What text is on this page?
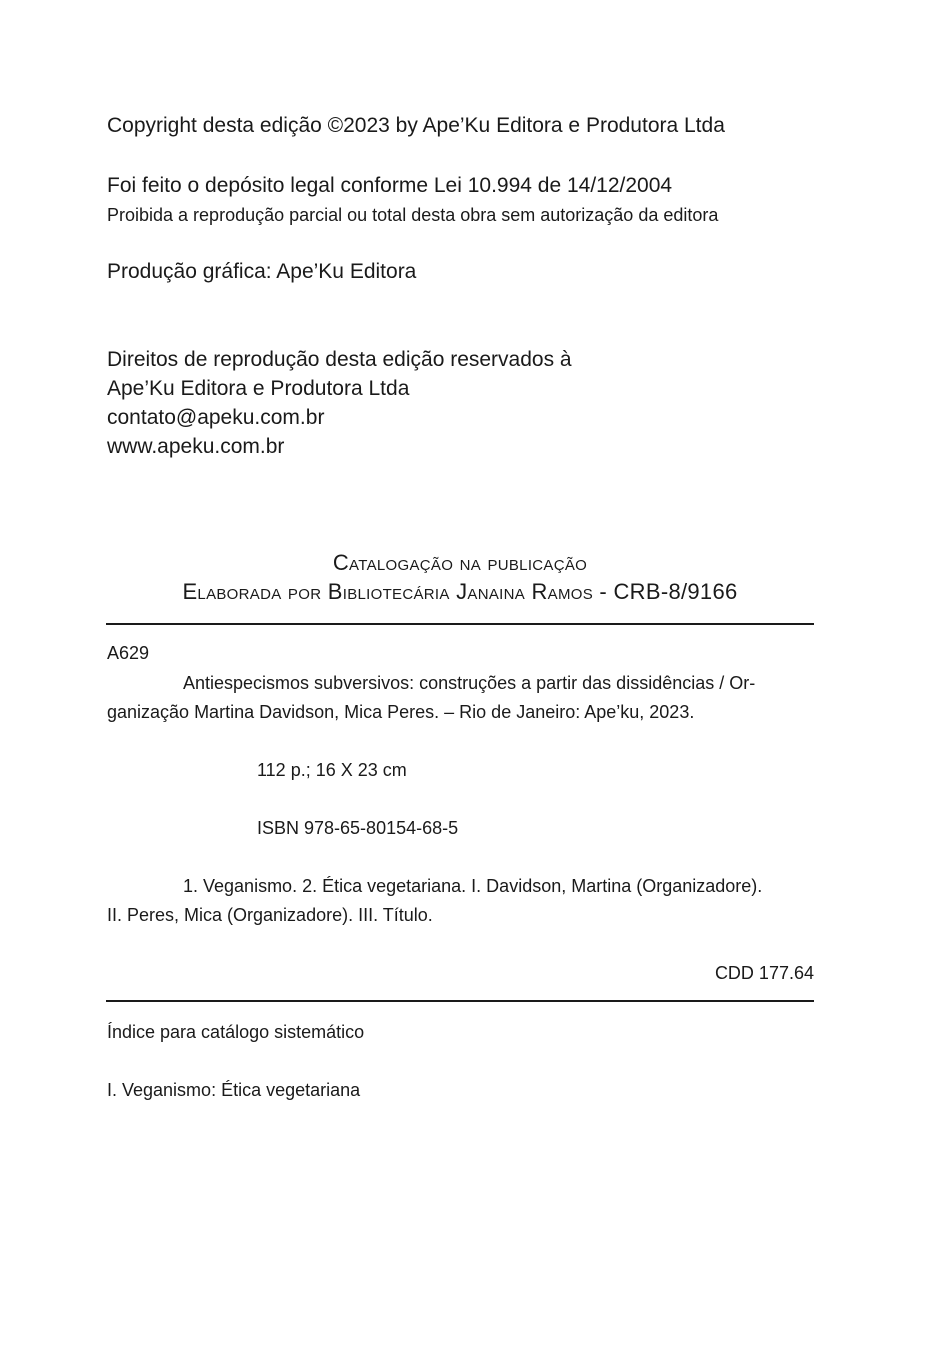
Copyright desta edição ©2023 by Ape’Ku Editora e Produtora Ltda
Foi feito o depósito legal conforme Lei 10.994 de 14/12/2004
Proibida a reprodução parcial ou total desta obra sem autorização da editora
Produção gráfica: Ape’Ku Editora
Direitos de reprodução desta edição reservados à
Ape’Ku Editora e Produtora Ltda
contato@apeku.com.br
www.apeku.com.br
Catalogação na publicação
Elaborada por Bibliotecária Janaina Ramos - CRB-8/9166
A629
Antiespecismos subversivos: construções a partir das dissidências / Or-
ganização Martina Davidson, Mica Peres. – Rio de Janeiro: Ape’ku, 2023.
112 p.; 16 X 23 cm
ISBN 978-65-80154-68-5
1. Veganismo. 2. Ética vegetariana. I. Davidson, Martina (Organizadore).
II. Peres, Mica (Organizadore). III. Título.
CDD 177.64
Índice para catálogo sistemático
I. Veganismo: Ética vegetariana
